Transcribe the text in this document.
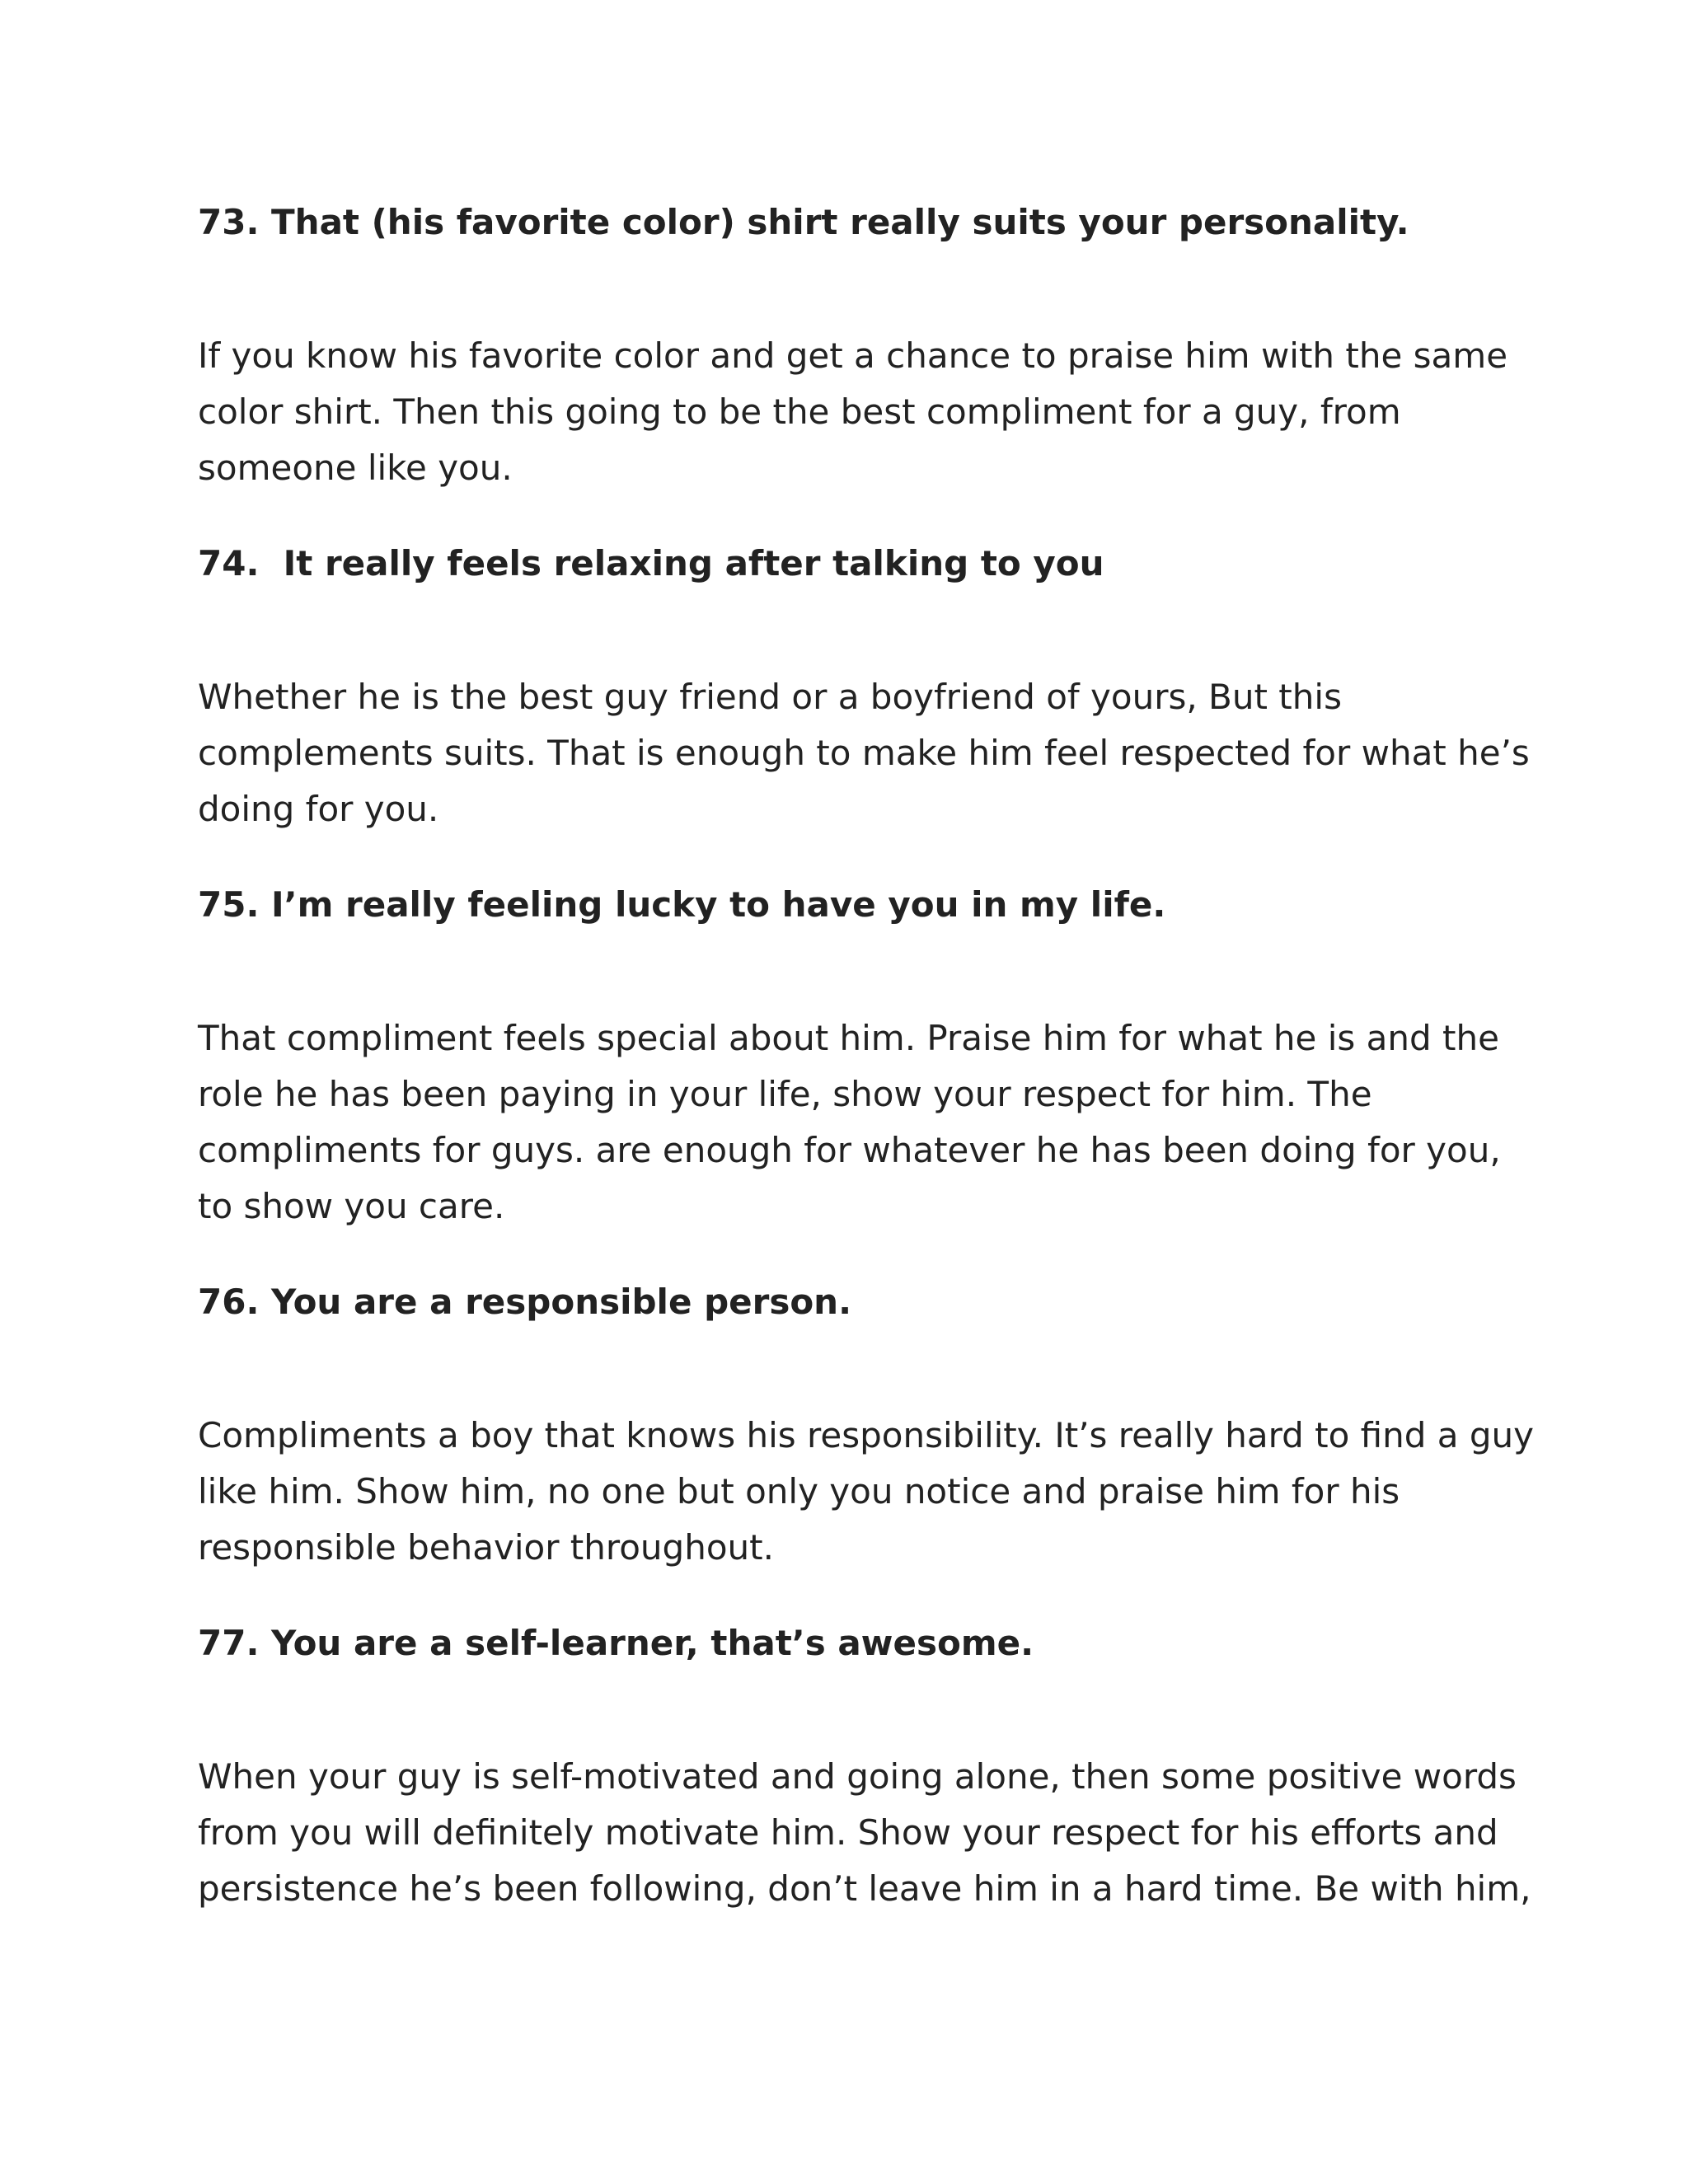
73. That (his favorite color) shirt really suits your personality.

If you know his favorite color and get a chance to praise him with the same
color shirt. Then this going to be the best compliment for a guy, from
someone like you.

74.  It really feels relaxing after talking to you

Whether he is the best guy friend or a boyfriend of yours, But this
complements suits. That is enough to make him feel respected for what he’s
doing for you.

75. I’m really feeling lucky to have you in my life.

That compliment feels special about him. Praise him for what he is and the
role he has been paying in your life, show your respect for him. The
compliments for guys. are enough for whatever he has been doing for you,
to show you care.

76. You are a responsible person.

Compliments a boy that knows his responsibility. It’s really hard to find a guy
like him. Show him, no one but only you notice and praise him for his
responsible behavior throughout.

77. You are a self-learner, that’s awesome.

When your guy is self-motivated and going alone, then some positive words
from you will definitely motivate him. Show your respect for his efforts and
persistence he’s been following, don’t leave him in a hard time. Be with him,
